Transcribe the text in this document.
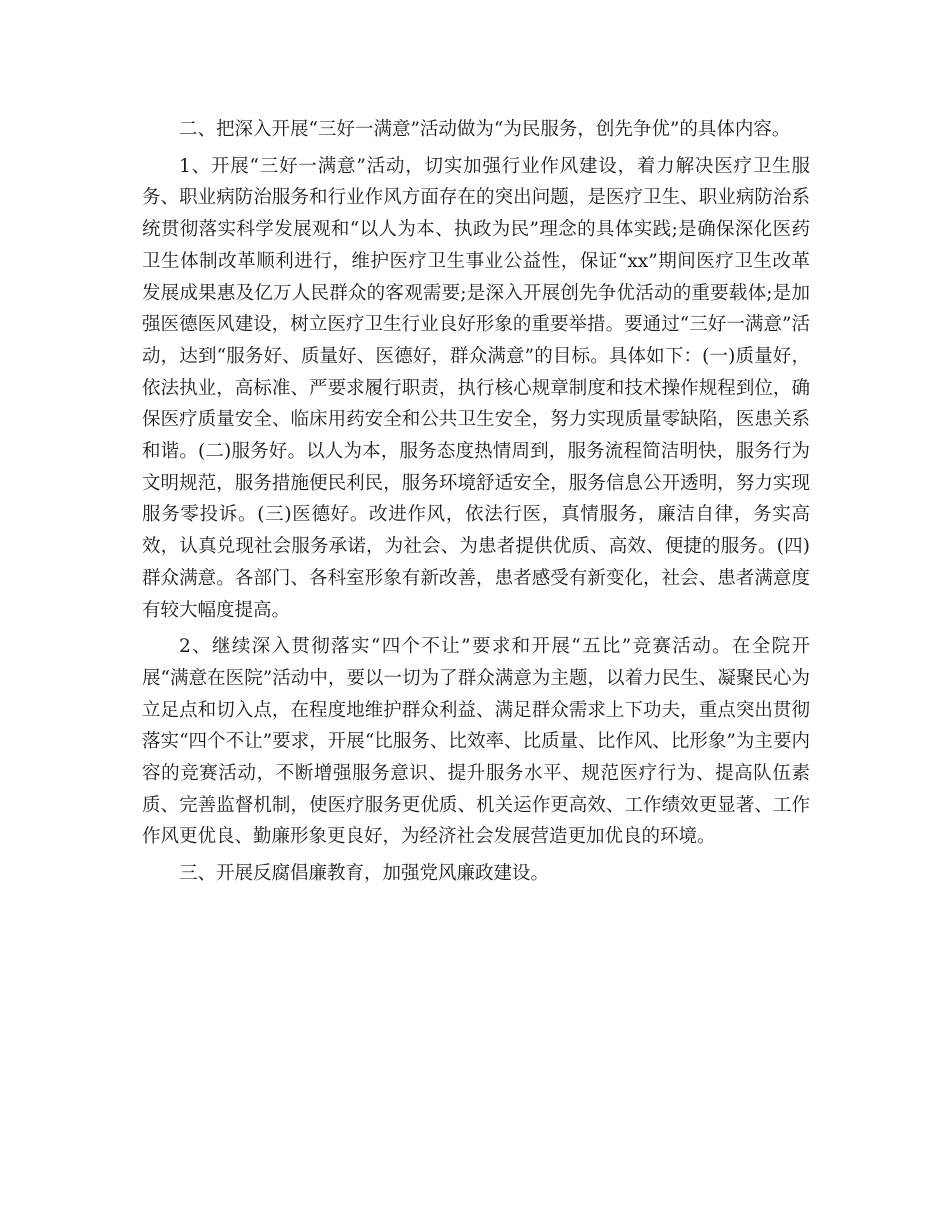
二、把深入开展“三好一满意”活动做为“为民服务，创先争优”的具体内容。

1、开展“三好一满意”活动，切实加强行业作风建设，着力解决医疗卫生服务、职业病防治服务和行业作风方面存在的突出问题，是医疗卫生、职业病防治系统贯彻落实科学发展观和“以人为本、执政为民”理念的具体实践;是确保深化医药卫生体制改革顺利进行，维护医疗卫生事业公益性，保证“xx”期间医疗卫生改革发展成果惠及亿万人民群众的客观需要;是深入开展创先争优活动的重要载体;是加强医德医风建设，树立医疗卫生行业良好形象的重要举措。要通过“三好一满意”活动，达到“服务好、质量好、医德好，群众满意”的目标。具体如下：(一)质量好，依法执业，高标准、严要求履行职责，执行核心规章制度和技术操作规程到位，确保医疗质量安全、临床用药安全和公共卫生安全，努力实现质量零缺陷，医患关系和谐。(二)服务好。以人为本，服务态度热情周到，服务流程简洁明快，服务行为文明规范，服务措施便民利民，服务环境舒适安全，服务信息公开透明，努力实现服务零投诉。(三)医德好。改进作风，依法行医，真情服务，廉洁自律，务实高效，认真兑现社会服务承诺，为社会、为患者提供优质、高效、便捷的服务。(四)群众满意。各部门、各科室形象有新改善，患者感受有新变化，社会、患者满意度有较大幅度提高。

2、继续深入贯彻落实“四个不让”要求和开展“五比”竞赛活动。在全院开展“满意在医院”活动中，要以一切为了群众满意为主题，以着力民生、凝聚民心为立足点和切入点，在程度地维护群众利益、满足群众需求上下功夫，重点突出贯彻落实“四个不让”要求，开展“比服务、比效率、比质量、比作风、比形象”为主要内容的竞赛活动，不断增强服务意识、提升服务水平、规范医疗行为、提高队伍素质、完善监督机制，使医疗服务更优质、机关运作更高效、工作绩效更显著、工作作风更优良、勤廉形象更良好，为经济社会发展营造更加优良的环境。

三、开展反腐倡廉教育，加强党风廉政建设。
